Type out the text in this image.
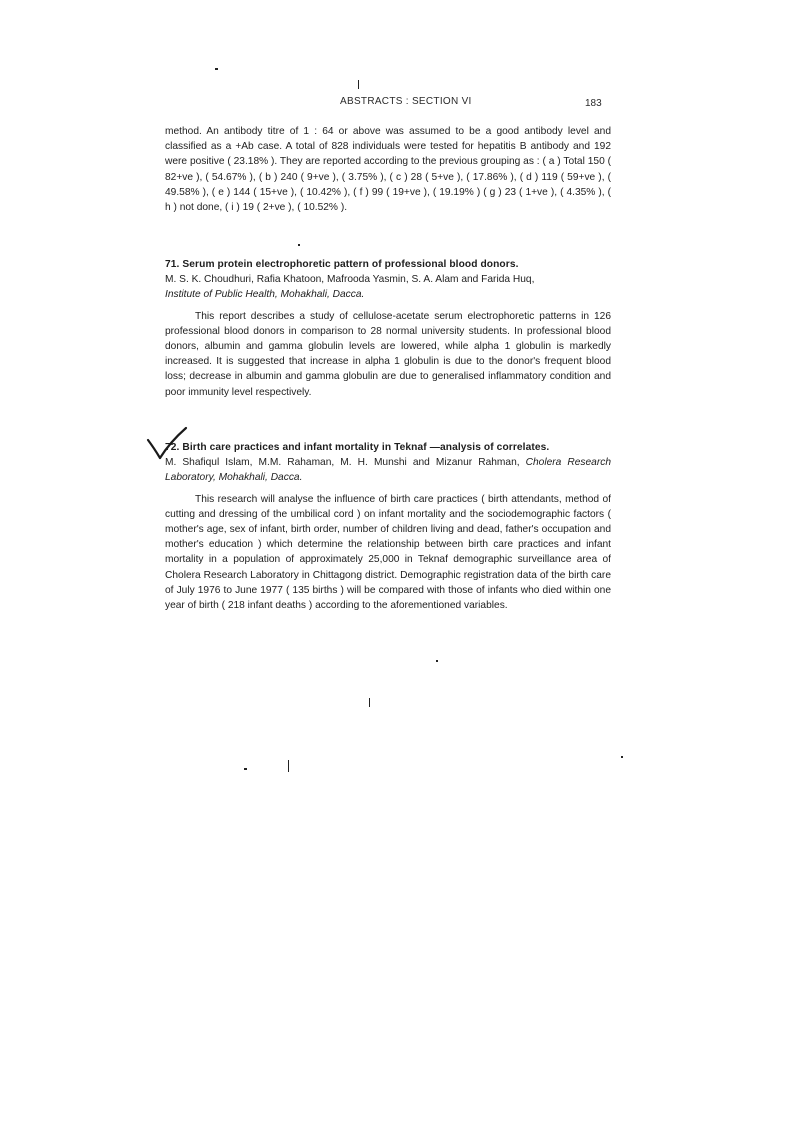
ABSTRACTS : SECTION VI	183

method. An antibody titre of 1 : 64 or above was assumed to be a good antibody level and classified as a +Ab case. A total of 828 individuals were tested for hepatitis B antibody and 192 were positive ( 23.18% ). They are reported according to the previous grouping as : ( a ) Total 150 ( 82+ve ), ( 54.67% ), ( b ) 240 ( 9+ve ), ( 3.75% ), ( c ) 28 ( 5+ve ), ( 17.86% ), ( d ) 119 ( 59+ve ), ( 49.58% ), ( e ) 144 ( 15+ve ), ( 10.42% ), ( f ) 99 ( 19+ve ), ( 19.19% ) ( g ) 23 ( 1+ve ), ( 4.35% ), ( h ) not done, ( i ) 19 ( 2+ve ), ( 10.52% ).

71. Serum protein electrophoretic pattern of professional blood donors.

M. S. K. Choudhuri, Rafia Khatoon, Mafrooda Yasmin, S. A. Alam and Farida Huq,

Institute of Public Health, Mohakhali, Dacca.

This report describes a study of cellulose-acetate serum electrophoretic patterns in 126 professional blood donors in comparison to 28 normal university students. In professional blood donors, albumin and gamma globulin levels are lowered, while alpha 1 globulin is markedly increased. It is suggested that increase in alpha 1 globulin is due to the donor's frequent blood loss; decrease in albumin and gamma globulin are due to generalised inflammatory condition and poor immunity level respectively.

72. Birth care practices and infant mortality in Teknaf —analysis of correlates.

M. Shafiqul Islam, M.M. Rahaman, M. H. Munshi and Mizanur Rahman, Cholera Research Laboratory, Mohakhali, Dacca.

This research will analyse the influence of birth care practices ( birth attendants, method of cutting and dressing of the umbilical cord ) on infant mortality and the sociodemographic factors ( mother's age, sex of infant, birth order, number of children living and dead, father's occupation and mother's education ) which determine the relationship between birth care practices and infant mortality in a population of approximately 25,000 in Teknaf demographic surveillance area of Cholera Research Laboratory in Chittagong district. Demographic registration data of the birth care of July 1976 to June 1977 ( 135 births ) will be compared with those of infants who died within one year of birth ( 218 infant deaths ) according to the aforementioned variables.
